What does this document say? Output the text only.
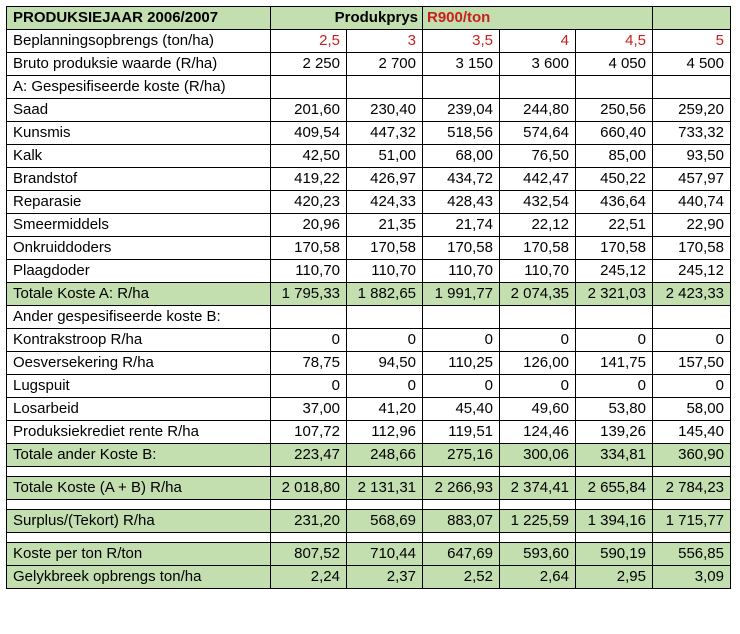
PRODUKSIEJAAR 2006/2007	Produkprys		R900/ton			
Beplanningsopbrengs (ton/ha)	2,5	3	3,5	4	4,5	5
Bruto produksie waarde (R/ha)	2 250	2 700	3 150	3 600	4 050	4 500
A: Gespesifiseerde koste (R/ha)						
Saad	201,60	230,40	239,04	244,80	250,56	259,20
Kunsmis	409,54	447,32	518,56	574,64	660,40	733,32
Kalk	42,50	51,00	68,00	76,50	85,00	93,50
Brandstof	419,22	426,97	434,72	442,47	450,22	457,97
Reparasie	420,23	424,33	428,43	432,54	436,64	440,74
Smeermiddels	20,96	21,35	21,74	22,12	22,51	22,90
Onkruiddoders	170,58	170,58	170,58	170,58	170,58	170,58
Plaagdoder	110,70	110,70	110,70	110,70	245,12	245,12
Totale Koste A: R/ha	1 795,33	1 882,65	1 991,77	2 074,35	2 321,03	2 423,33
Ander gespesifiseerde koste B:						
Kontrakstroop R/ha	0	0	0	0	0	0
Oesversekering R/ha	78,75	94,50	110,25	126,00	141,75	157,50
Lugspuit	0	0	0	0	0	0
Losarbeid	37,00	41,20	45,40	49,60	53,80	58,00
Produksiekrediet rente R/ha	107,72	112,96	119,51	124,46	139,26	145,40
Totale ander Koste B:	223,47	248,66	275,16	300,06	334,81	360,90

Totale Koste (A + B) R/ha	2 018,80	2 131,31	2 266,93	2 374,41	2 655,84	2 784,23

Surplus/(Tekort) R/ha	231,20	568,69	883,07	1 225,59	1 394,16	1 715,77

Koste per ton R/ton	807,52	710,44	647,69	593,60	590,19	556,85
Gelykbreek opbrengs ton/ha	2,24	2,37	2,52	2,64	2,95	3,09
